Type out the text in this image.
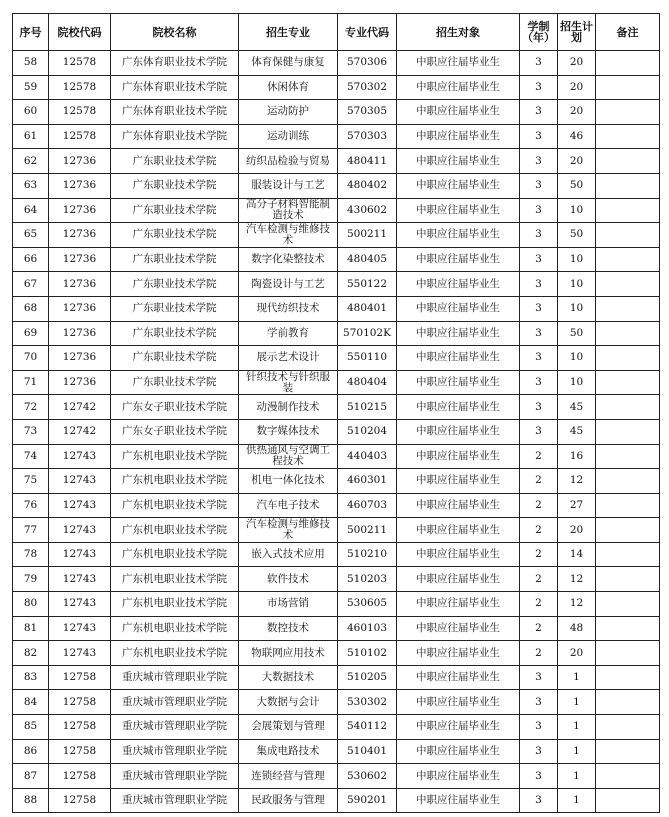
序号	院校代码	院校名称	招生专业	专业代码	招生对象	学制（年）	招生计划	备注
58	12578	广东体育职业技术学院	体育保健与康复	570306	中职应往届毕业生	3	20	
59	12578	广东体育职业技术学院	休闲体育	570302	中职应往届毕业生	3	20	
60	12578	广东体育职业技术学院	运动防护	570305	中职应往届毕业生	3	20	
61	12578	广东体育职业技术学院	运动训练	570303	中职应往届毕业生	3	46	
62	12736	广东职业技术学院	纺织品检验与贸易	480411	中职应往届毕业生	3	20	
63	12736	广东职业技术学院	服装设计与工艺	480402	中职应往届毕业生	3	50	
64	12736	广东职业技术学院	高分子材料智能制造技术	430602	中职应往届毕业生	3	10	
65	12736	广东职业技术学院	汽车检测与维修技术	500211	中职应往届毕业生	3	50	
66	12736	广东职业技术学院	数字化染整技术	480405	中职应往届毕业生	3	10	
67	12736	广东职业技术学院	陶瓷设计与工艺	550122	中职应往届毕业生	3	10	
68	12736	广东职业技术学院	现代纺织技术	480401	中职应往届毕业生	3	10	
69	12736	广东职业技术学院	学前教育	570102K	中职应往届毕业生	3	50	
70	12736	广东职业技术学院	展示艺术设计	550110	中职应往届毕业生	3	10	
71	12736	广东职业技术学院	针织技术与针织服装	480404	中职应往届毕业生	3	10	
72	12742	广东女子职业技术学院	动漫制作技术	510215	中职应往届毕业生	3	45	
73	12742	广东女子职业技术学院	数字媒体技术	510204	中职应往届毕业生	3	45	
74	12743	广东机电职业技术学院	供热通风与空调工程技术	440403	中职应往届毕业生	2	16	
75	12743	广东机电职业技术学院	机电一体化技术	460301	中职应往届毕业生	2	12	
76	12743	广东机电职业技术学院	汽车电子技术	460703	中职应往届毕业生	2	27	
77	12743	广东机电职业技术学院	汽车检测与维修技术	500211	中职应往届毕业生	2	20	
78	12743	广东机电职业技术学院	嵌入式技术应用	510210	中职应往届毕业生	2	14	
79	12743	广东机电职业技术学院	软件技术	510203	中职应往届毕业生	2	12	
80	12743	广东机电职业技术学院	市场营销	530605	中职应往届毕业生	2	12	
81	12743	广东机电职业技术学院	数控技术	460103	中职应往届毕业生	2	48	
82	12743	广东机电职业技术学院	物联网应用技术	510102	中职应往届毕业生	2	20	
83	12758	重庆城市管理职业学院	大数据技术	510205	中职应往届毕业生	3	1	
84	12758	重庆城市管理职业学院	大数据与会计	530302	中职应往届毕业生	3	1	
85	12758	重庆城市管理职业学院	会展策划与管理	540112	中职应往届毕业生	3	1	
86	12758	重庆城市管理职业学院	集成电路技术	510401	中职应往届毕业生	3	1	
87	12758	重庆城市管理职业学院	连锁经营与管理	530602	中职应往届毕业生	3	1	
88	12758	重庆城市管理职业学院	民政服务与管理	590201	中职应往届毕业生	3	1	
